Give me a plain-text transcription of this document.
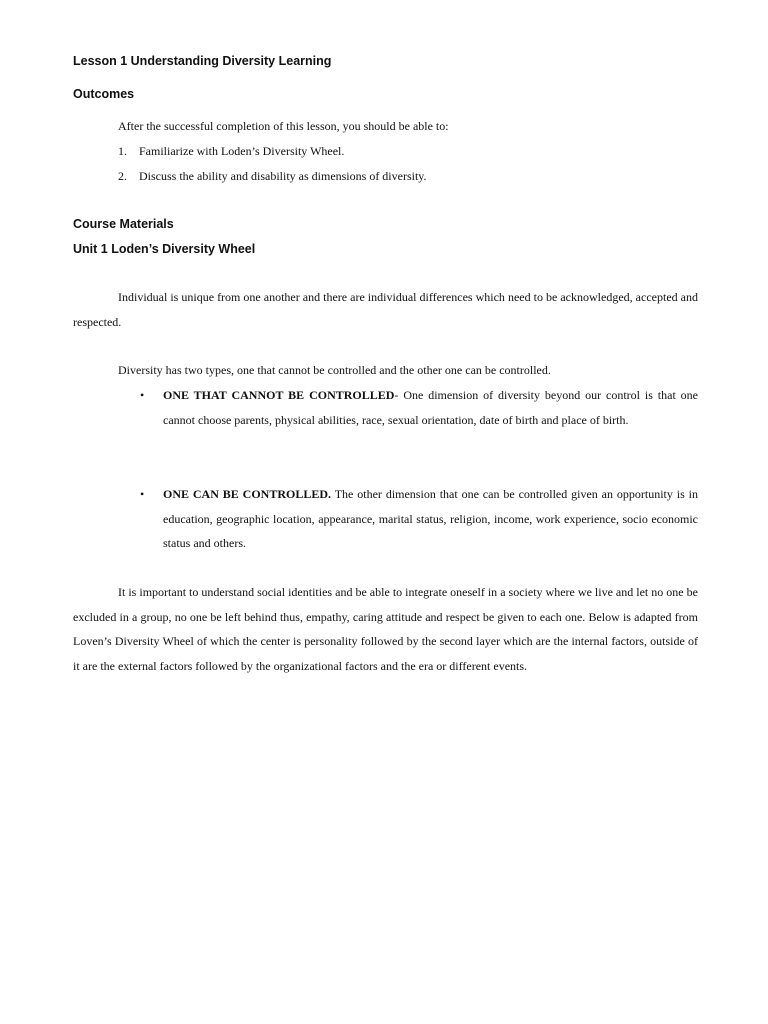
Lesson 1 Understanding Diversity Learning

Outcomes

After the successful completion of this lesson, you should be able to:

1. Familiarize with Loden’s Diversity Wheel.
2. Discuss the ability and disability as dimensions of diversity.

Course Materials

Unit 1 Loden’s Diversity Wheel

Individual is unique from one another and there are individual differences which need to be acknowledged, accepted and respected.

Diversity has two types, one that cannot be controlled and the other one can be controlled.

• ONE THAT CANNOT BE CONTROLLED- One dimension of diversity beyond our control is that one cannot choose parents, physical abilities, race, sexual orientation, date of birth and place of birth.

• ONE CAN BE CONTROLLED. The other dimension that one can be controlled given an opportunity is in education, geographic location, appearance, marital status, religion, income, work experience, socio economic status and others.

It is important to understand social identities and be able to integrate oneself in a society where we live and let no one be excluded in a group, no one be left behind thus, empathy, caring attitude and respect be given to each one. Below is adapted from Loven’s Diversity Wheel of which the center is personality followed by the second layer which are the internal factors, outside of it are the external factors followed by the organizational factors and the era or different events.
